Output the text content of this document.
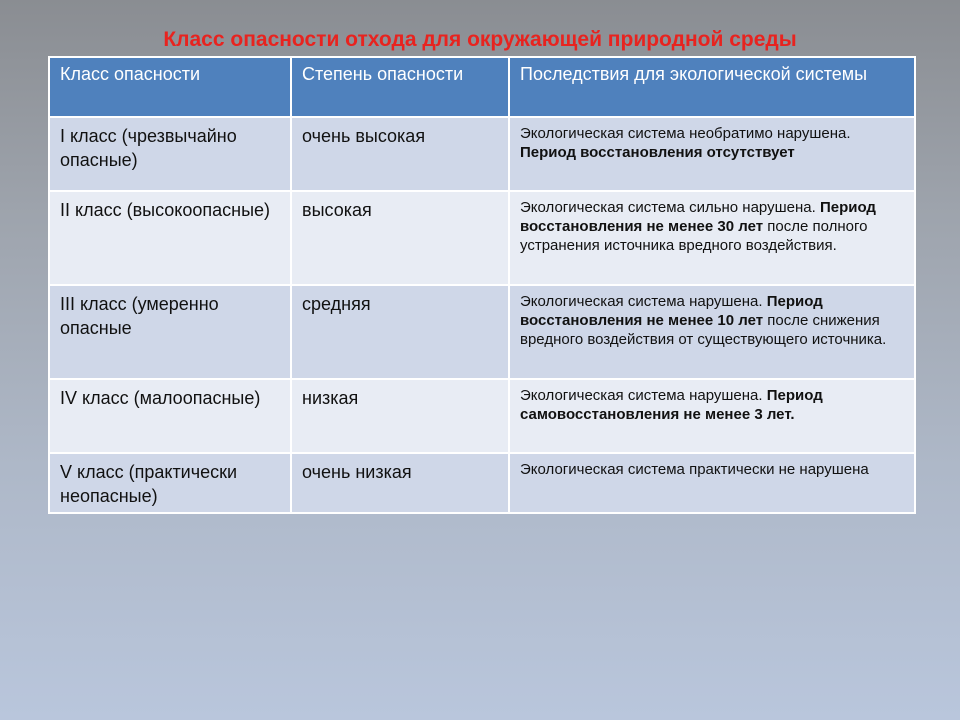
Класс опасности отхода для окружающей природной среды
Класс опасности	Степень опасности	Последствия для экологической системы
I класс (чрезвычайно опасные)	очень высокая	Экологическая система необратимо нарушена. Период восстановления отсутствует
II класс (высокоопасные)	высокая	Экологическая система сильно нарушена. Период восстановления не менее 30 лет после полного устранения источника вредного воздействия.
III класс (умеренно опасные	средняя	Экологическая система нарушена. Период восстановления не менее 10 лет после снижения вредного воздействия от существующего источника.
IV класс (малоопасные)	низкая	Экологическая система нарушена. Период самовосстановления не менее 3 лет.
V класс (практически неопасные)	очень низкая	Экологическая система практически не нарушена
